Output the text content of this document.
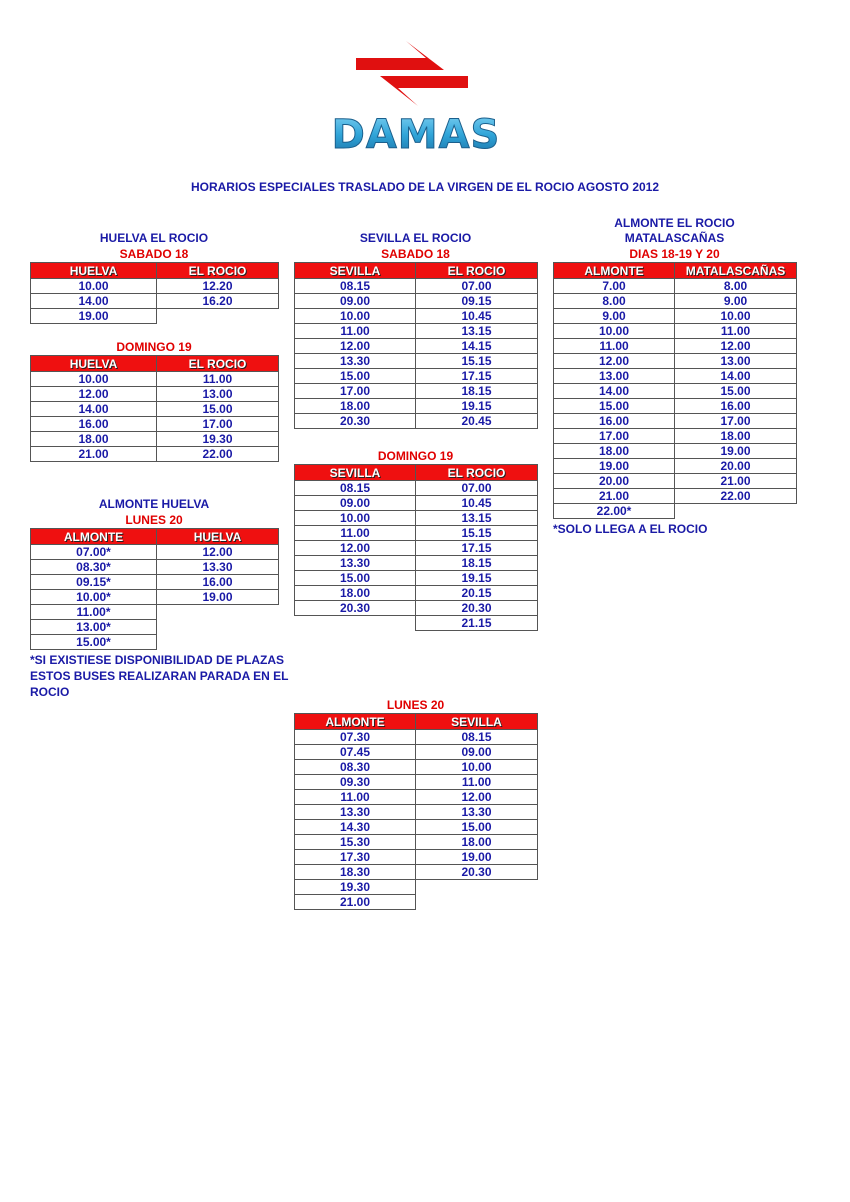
DAMAS
HORARIOS ESPECIALES TRASLADO DE LA VIRGEN DE EL ROCIO AGOSTO 2012
HUELVA EL ROCIO
SABADO 18
HUELVA	EL ROCIO
10.00	12.20
14.00	16.20
19.00	
DOMINGO 19
HUELVA	EL ROCIO
10.00	11.00
12.00	13.00
14.00	15.00
16.00	17.00
18.00	19.30
21.00	22.00
ALMONTE HUELVA
LUNES 20
ALMONTE	HUELVA
07.00*	12.00
08.30*	13.30
09.15*	16.00
10.00*	19.00
11.00*	
13.00*	
15.00*	
*SI EXISTIESE DISPONIBILIDAD DE PLAZAS ESTOS BUSES REALIZARAN PARADA EN EL ROCIO
SEVILLA EL ROCIO
SABADO 18
SEVILLA	EL ROCIO
08.15	07.00
09.00	09.15
10.00	10.45
11.00	13.15
12.00	14.15
13.30	15.15
15.00	17.15
17.00	18.15
18.00	19.15
20.30	20.45
DOMINGO 19
SEVILLA	EL ROCIO
08.15	07.00
09.00	10.45
10.00	13.15
11.00	15.15
12.00	17.15
13.30	18.15
15.00	19.15
18.00	20.15
20.30	20.30
	21.15
LUNES 20
ALMONTE	SEVILLA
07.30	08.15
07.45	09.00
08.30	10.00
09.30	11.00
11.00	12.00
13.30	13.30
14.30	15.00
15.30	18.00
17.30	19.00
18.30	20.30
19.30	
21.00	
ALMONTE EL ROCIO
MATALASCAÑAS
DIAS 18-19 Y 20
ALMONTE	MATALASCAÑAS
7.00	8.00
8.00	9.00
9.00	10.00
10.00	11.00
11.00	12.00
12.00	13.00
13.00	14.00
14.00	15.00
15.00	16.00
16.00	17.00
17.00	18.00
18.00	19.00
19.00	20.00
20.00	21.00
21.00	22.00
22.00*	
*SOLO LLEGA A EL ROCIO
